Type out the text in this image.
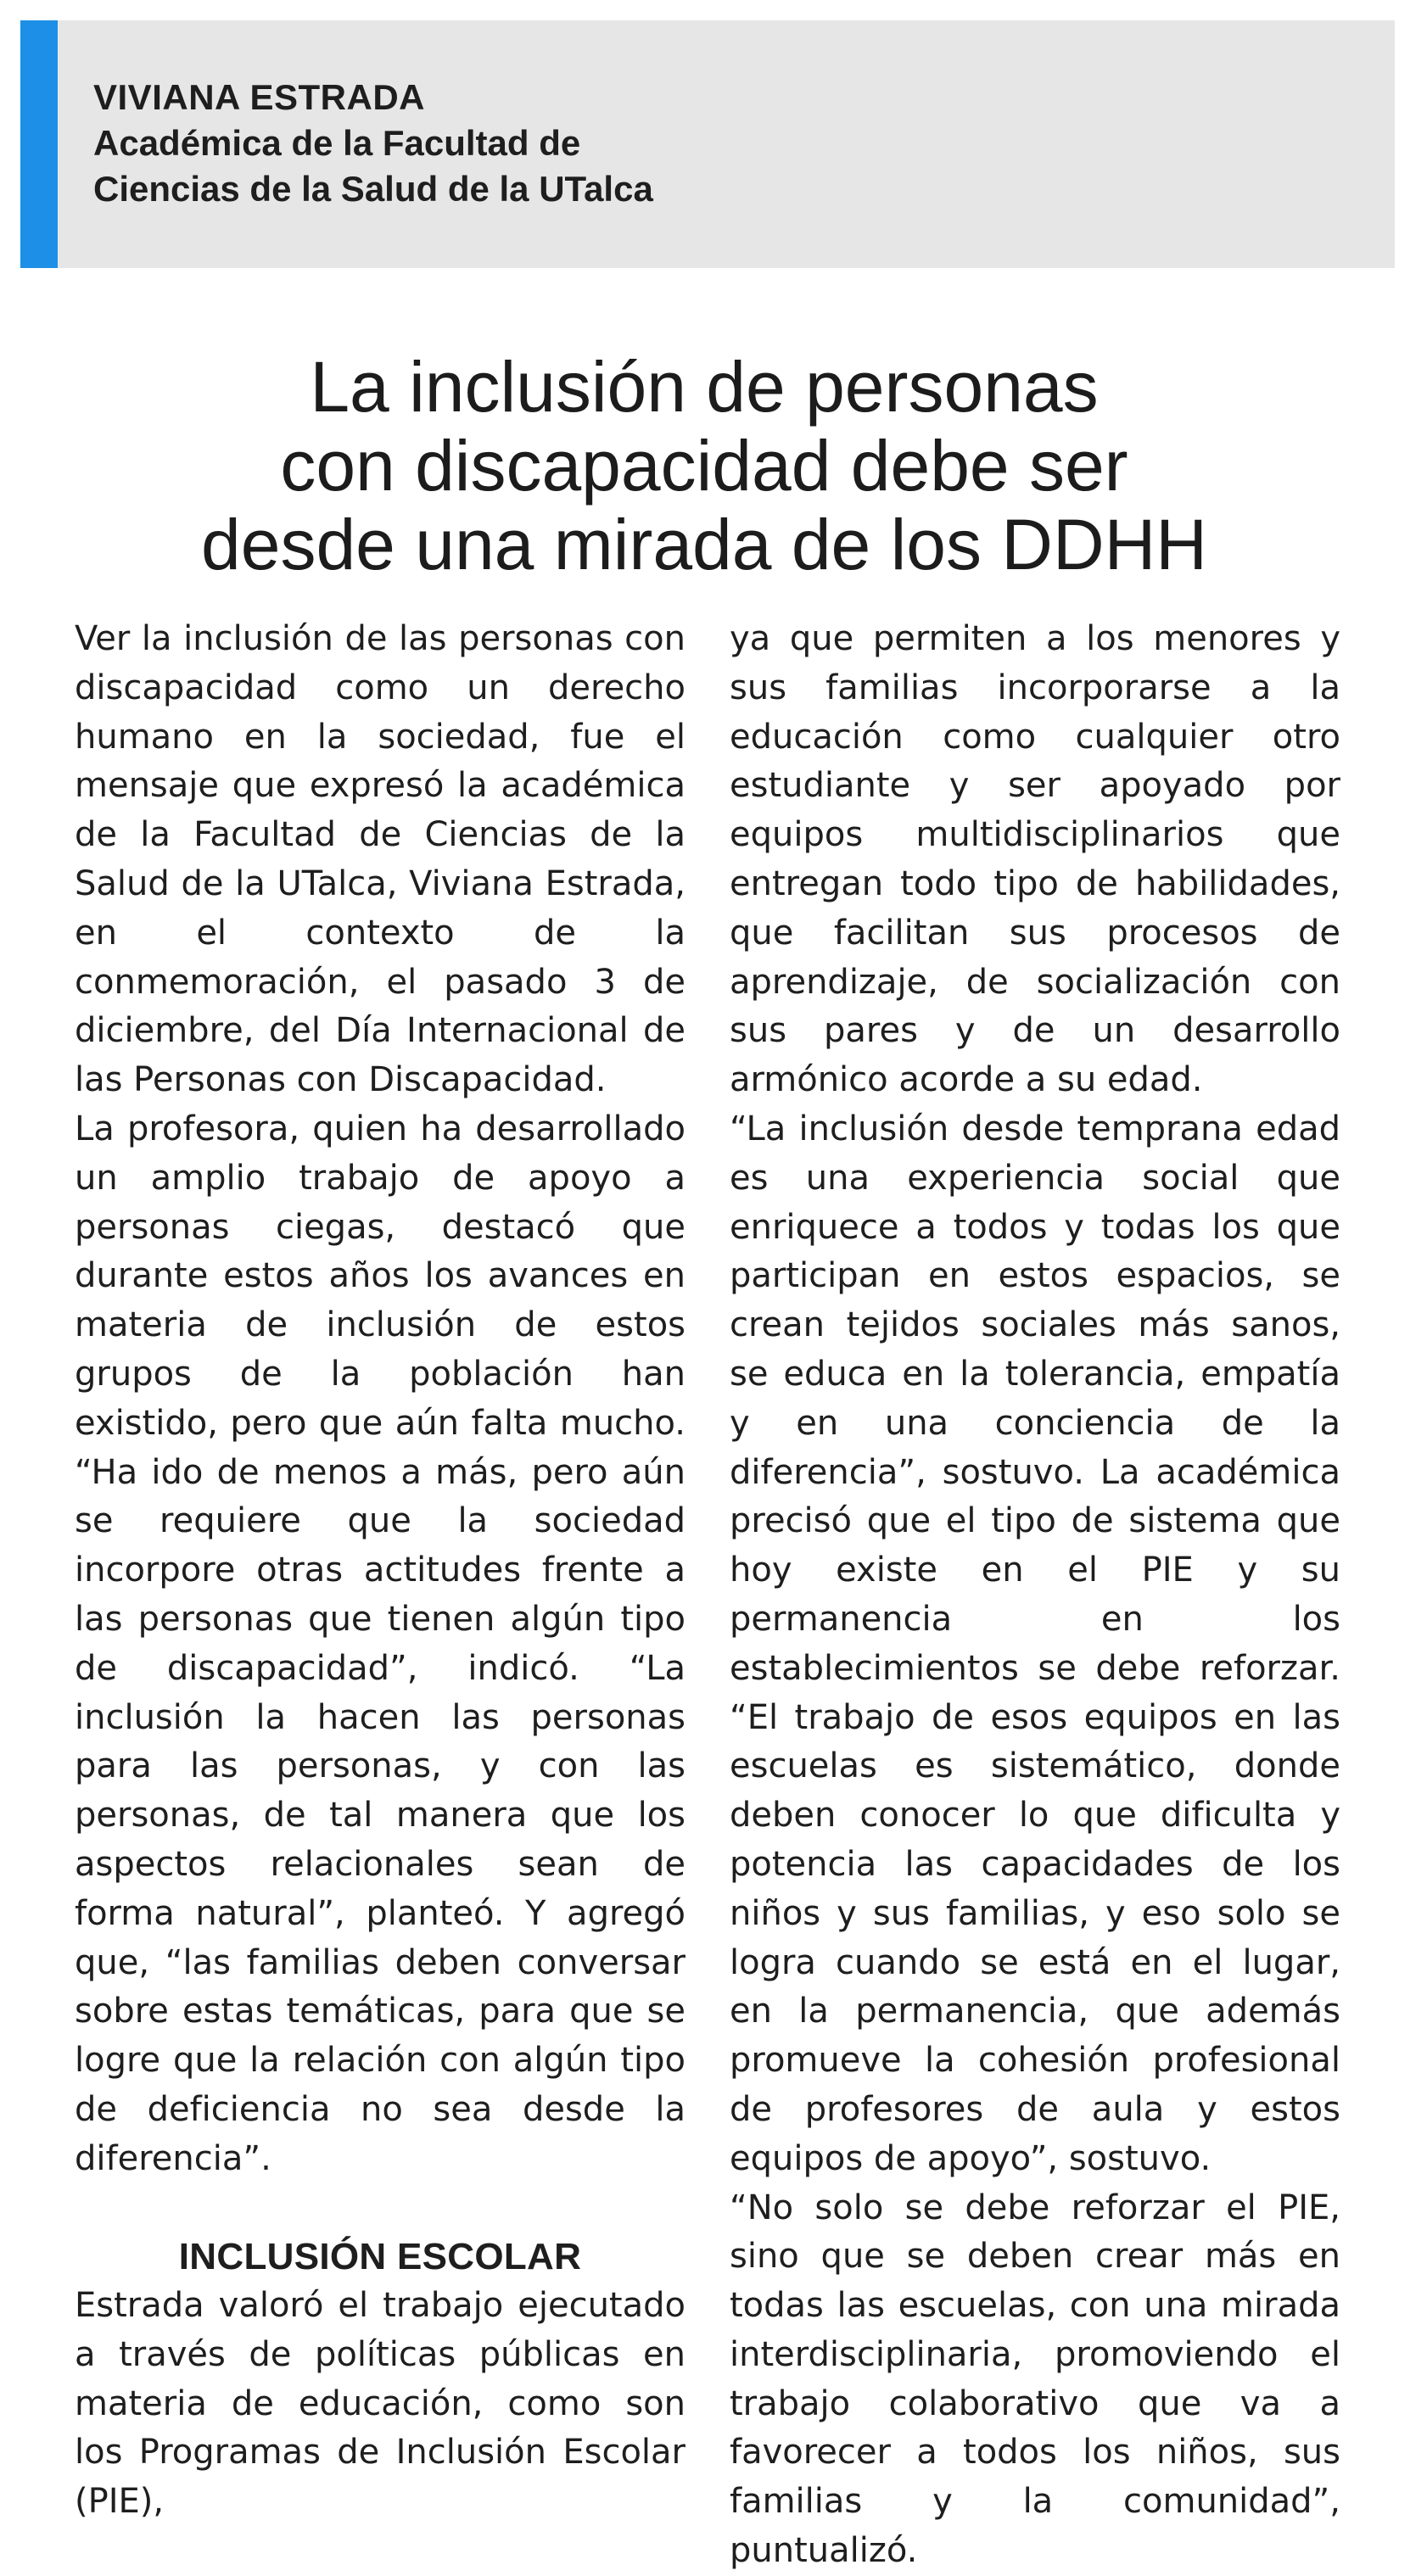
VIVIANA ESTRADA
Académica de la Facultad de
Ciencias de la Salud de la UTalca
La inclusión de personas
con discapacidad debe ser
desde una mirada de los DDHH

Ver la inclusión de las personas con discapacidad como un derecho humano en la sociedad, fue el mensaje que expresó la académica de la Facultad de Ciencias de la Salud de la UTalca, Viviana Estrada, en el contexto de la conmemoración, el pasado 3 de diciembre, del Día Internacional de las Personas con Discapacidad.

La profesora, quien ha desarrollado un amplio trabajo de apoyo a personas ciegas, destacó que durante estos años los avances en materia de inclusión de estos grupos de la población han existido, pero que aún falta mucho. “Ha ido de menos a más, pero aún se requiere que la sociedad incorpore otras actitudes frente a las personas que tienen algún tipo de discapacidad”, indicó. “La inclusión la hacen las personas para las personas, y con las personas, de tal manera que los aspectos relacionales sean de forma natural”, planteó. Y agregó que, “las familias deben conversar sobre estas temáticas, para que se logre que la relación con algún tipo de deficiencia no sea desde la diferencia”.

INCLUSIÓN ESCOLAR

Estrada valoró el trabajo ejecutado a través de políticas públicas en materia de educación, como son los Programas de Inclusión Escolar (PIE),

ya que permiten a los menores y sus familias incorporarse a la educación como cualquier otro estudiante y ser apoyado por equipos multidisciplinarios que entregan todo tipo de habilidades, que facilitan sus procesos de aprendizaje, de socialización con sus pares y de un desarrollo armónico acorde a su edad.

“La inclusión desde temprana edad es una experiencia social que enriquece a todos y todas los que participan en estos espacios, se crean tejidos sociales más sanos, se educa en la tolerancia, empatía y en una conciencia de la diferencia”, sostuvo. La académica precisó que el tipo de sistema que hoy existe en el PIE y su permanencia en los establecimientos se debe reforzar. “El trabajo de esos equipos en las escuelas es sistemático, donde deben conocer lo que dificulta y potencia las capacidades de los niños y sus familias, y eso solo se logra cuando se está en el lugar, en la permanencia, que además promueve la cohesión profesional de profesores de aula y estos equipos de apoyo”, sostuvo.

“No solo se debe reforzar el PIE, sino que se deben crear más en todas las escuelas, con una mirada interdisciplinaria, promoviendo el trabajo colaborativo que va a favorecer a todos los niños, sus familias y la comunidad”, puntualizó.
